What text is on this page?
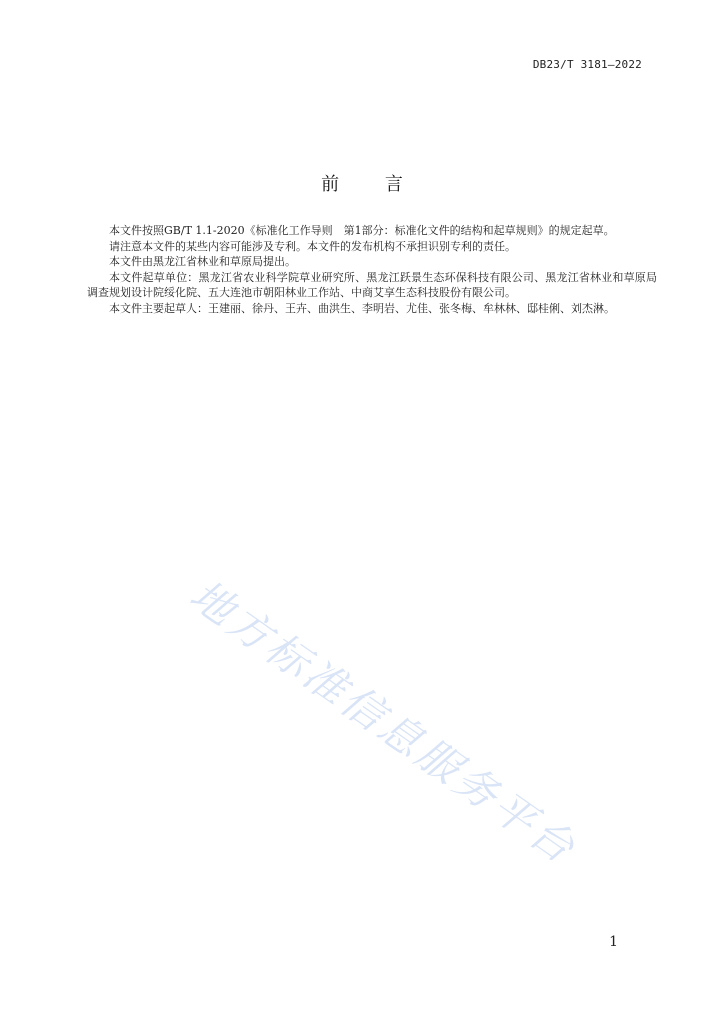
DB23/T 3181—2022
前 言

本文件按照GB/T 1.1-2020《标准化工作导则　第1部分：标准化文件的结构和起草规则》的规定起草。

请注意本文件的某些内容可能涉及专利。本文件的发布机构不承担识别专利的责任。

本文件由黑龙江省林业和草原局提出。

本文件起草单位：黑龙江省农业科学院草业研究所、黑龙江跃景生态环保科技有限公司、黑龙江省林业和草原局调查规划设计院绥化院、五大连池市朝阳林业工作站、中商艾享生态科技股份有限公司。

本文件主要起草人：王建丽、徐丹、王卉、曲洪生、李明岩、尤佳、张冬梅、牟林林、邸桂俐、刘杰淋。

地方标准信息服务平台
1
